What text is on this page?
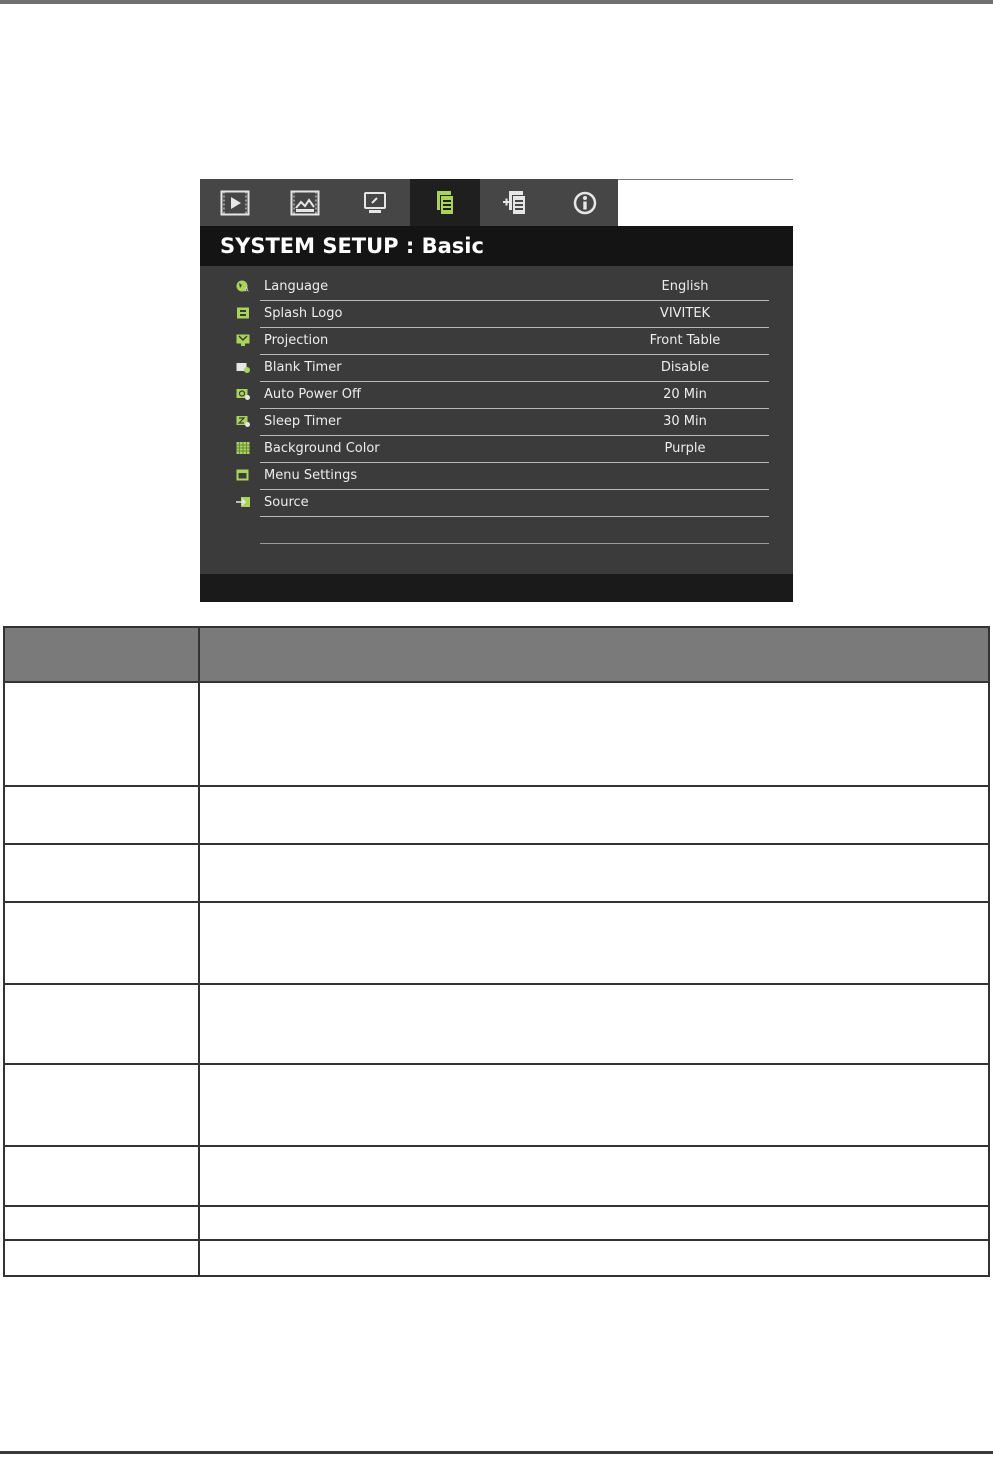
SYSTEM SETUP : Basic
A Language	English
Splash Logo	VIVITEK
Projection	Front Table
Blank Timer	Disable
Auto Power Off	20 Min
Sleep Timer	30 Min
Background Color	Purple
Menu Settings
Source
